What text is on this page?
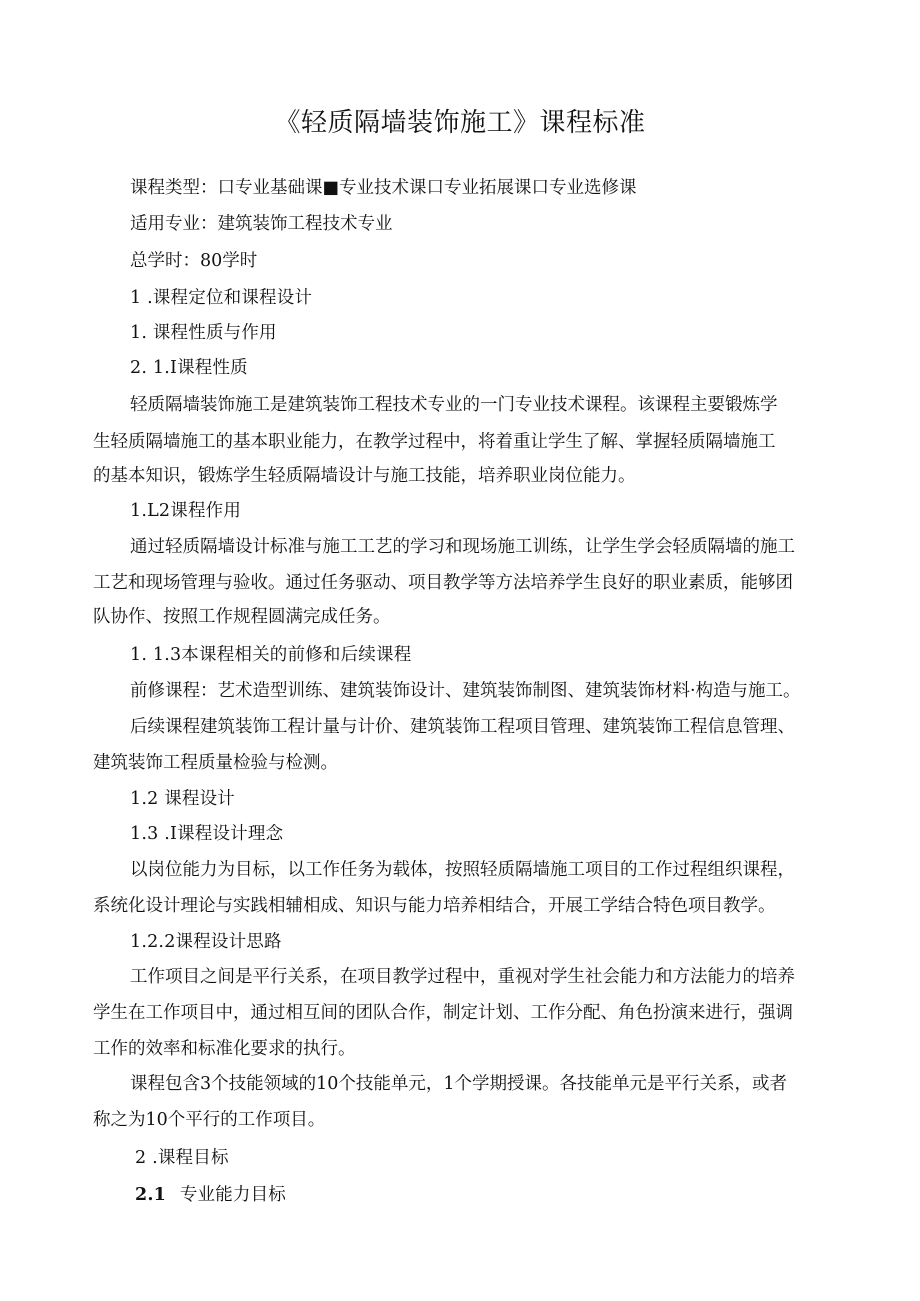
《轻质隔墙装饰施工》课程标准
课程类型：口专业基础课■专业技术课口专业拓展课口专业选修课
适用专业：建筑装饰工程技术专业
总学时：80学时
1 .课程定位和课程设计
1. 课程性质与作用
2. 1.I课程性质
轻质隔墙装饰施工是建筑装饰工程技术专业的一门专业技术课程。该课程主要锻炼学
生轻质隔墙施工的基本职业能力，在教学过程中，将着重让学生了解、掌握轻质隔墙施工
的基本知识，锻炼学生轻质隔墙设计与施工技能，培养职业岗位能力。
1.L2课程作用
通过轻质隔墙设计标准与施工工艺的学习和现场施工训练，让学生学会轻质隔墙的施工
工艺和现场管理与验收。通过任务驱动、项目教学等方法培养学生良好的职业素质，能够团
队协作、按照工作规程圆满完成任务。
1. 1.3本课程相关的前修和后续课程
前修课程：艺术造型训练、建筑装饰设计、建筑装饰制图、建筑装饰材料·构造与施工。
后续课程建筑装饰工程计量与计价、建筑装饰工程项目管理、建筑装饰工程信息管理、
建筑装饰工程质量检验与检测。
1.2 课程设计
1.3 .I课程设计理念
以岗位能力为目标，以工作任务为载体，按照轻质隔墙施工项目的工作过程组织课程，
系统化设计理论与实践相辅相成、知识与能力培养相结合，开展工学结合特色项目教学。
1.2.2课程设计思路
工作项目之间是平行关系，在项目教学过程中，重视对学生社会能力和方法能力的培养
学生在工作项目中，通过相互间的团队合作，制定计划、工作分配、角色扮演来进行，强调
工作的效率和标准化要求的执行。
课程包含3个技能领域的10个技能单元，1个学期授课。各技能单元是平行关系，或者
称之为10个平行的工作项目。
2 .课程目标
2.1 专业能力目标
